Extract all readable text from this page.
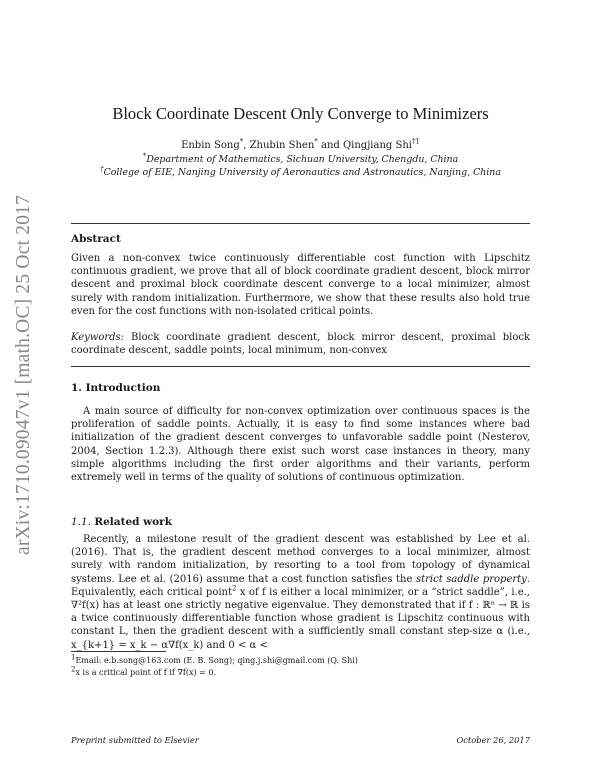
arXiv:1710.09047v1 [math.OC] 25 Oct 2017
Block Coordinate Descent Only Converge to Minimizers
Enbin Song*, Zhubin Shen* and Qingjiang Shi$^{\dagger 1}$
*Department of Mathematics, Sichuan University, Chengdu, China
†College of EIE, Nanjing University of Aeronautics and Astronautics, Nanjing, China
Abstract
Given a non-convex twice continuously differentiable cost function with Lipschitz continuous gradient, we prove that all of block coordinate gradient descent, block mirror descent and proximal block coordinate descent converge to a local minimizer, almost surely with random initialization. Furthermore, we show that these results also hold true even for the cost functions with non-isolated critical points.
Keywords: Block coordinate gradient descent, block mirror descent, proximal block coordinate descent, saddle points, local minimum, non-convex
1. Introduction
A main source of difficulty for non-convex optimization over continuous spaces is the proliferation of saddle points. Actually, it is easy to find some instances where bad initialization of the gradient descent converges to unfavorable saddle point (Nesterov, 2004, Section 1.2.3). Although there exist such worst case instances in theory, many simple algorithms including the first order algorithms and their variants, perform extremely well in terms of the quality of solutions of continuous optimization.
1.1. Related work
Recently, a milestone result of the gradient descent was established by Lee et al. (2016). That is, the gradient descent method converges to a local minimizer, almost surely with random initialization, by resorting to a tool from topology of dynamical systems. Lee et al. (2016) assume that a cost function satisfies the strict saddle property. Equivalently, each critical point$^2$ x of f is either a local minimizer, or a “strict saddle”, i.e., ∇²f(x) has at least one strictly negative eigenvalue. They demonstrated that if f : ℝⁿ → ℝ is a twice continuously differentiable function whose gradient is Lipschitz continuous with constant L, then the gradient descent with a sufficiently small constant step-size α (i.e., x_{k+1} = x_k − α∇f(x_k) and 0 < α <
$^1$Email: e.b.song@163.com (E. B. Song); qing.j.shi@gmail.com (Q. Shi)
$^2$x is a critical point of f if ∇f(x) = 0.
Preprint submitted to Elsevier	October 26, 2017
